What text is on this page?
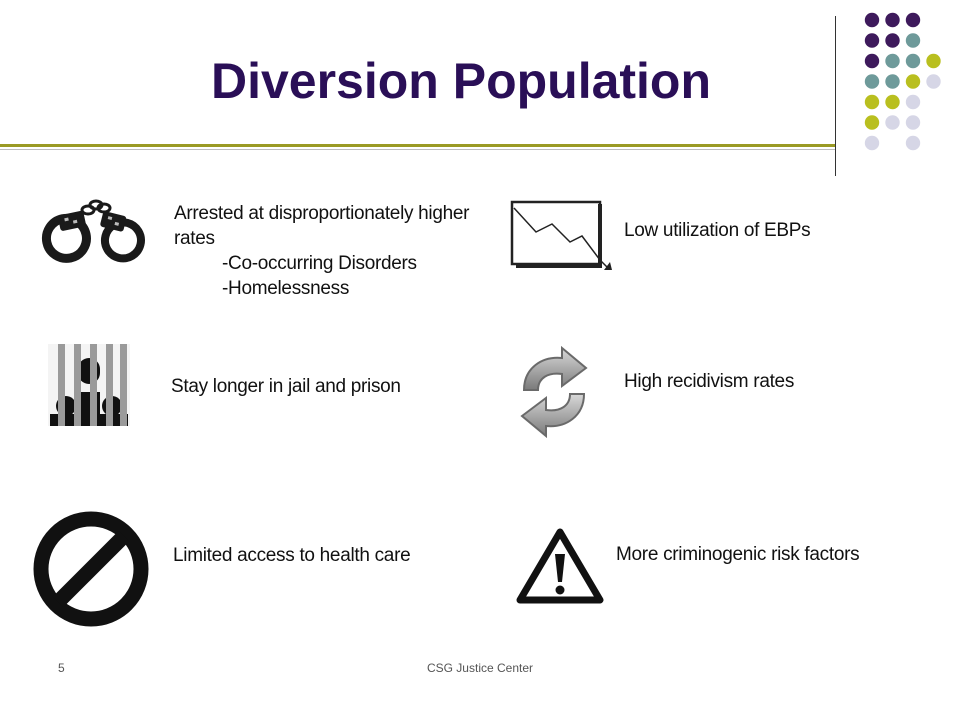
Diversion Population
Arrested at disproportionately higher rates
-Co-occurring Disorders
-Homelessness
Low utilization of EBPs
Stay longer in jail and prison	High recidivism rates
Limited access to health care	More criminogenic risk factors
5	CSG Justice Center
